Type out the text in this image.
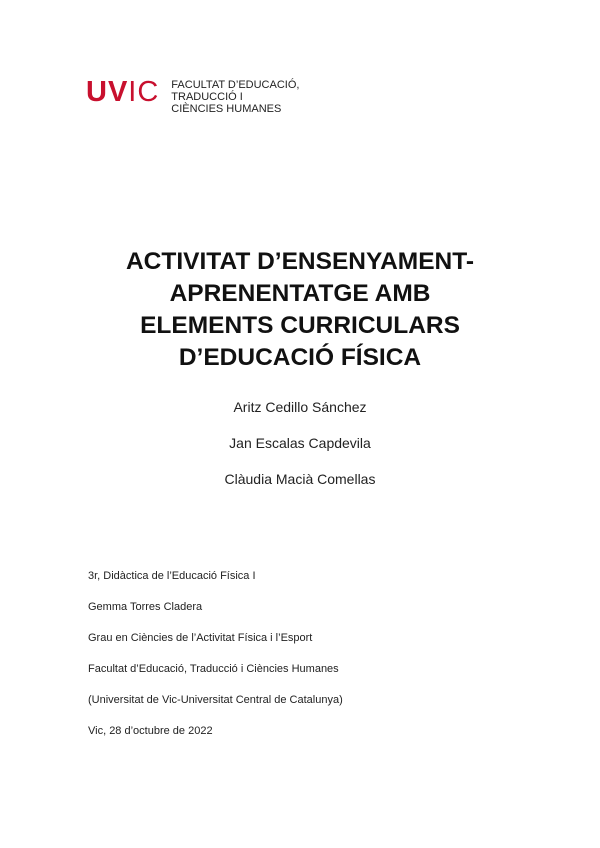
UVIC FACULTAT D’EDUCACIÓ,
TRADUCCIÓ I
CIÈNCIES HUMANES
ACTIVITAT D’ENSENYAMENT-
APRENENTATGE AMB
ELEMENTS CURRICULARS
D’EDUCACIÓ FÍSICA
Aritz Cedillo Sánchez
Jan Escalas Capdevila
Clàudia Macià Comellas
3r, Didàctica de l’Educació Física I
Gemma Torres Cladera
Grau en Ciències de l’Activitat Física i l’Esport
Facultat d’Educació, Traducció i Ciències Humanes
(Universitat de Vic-Universitat Central de Catalunya)
Vic, 28 d’octubre de 2022
